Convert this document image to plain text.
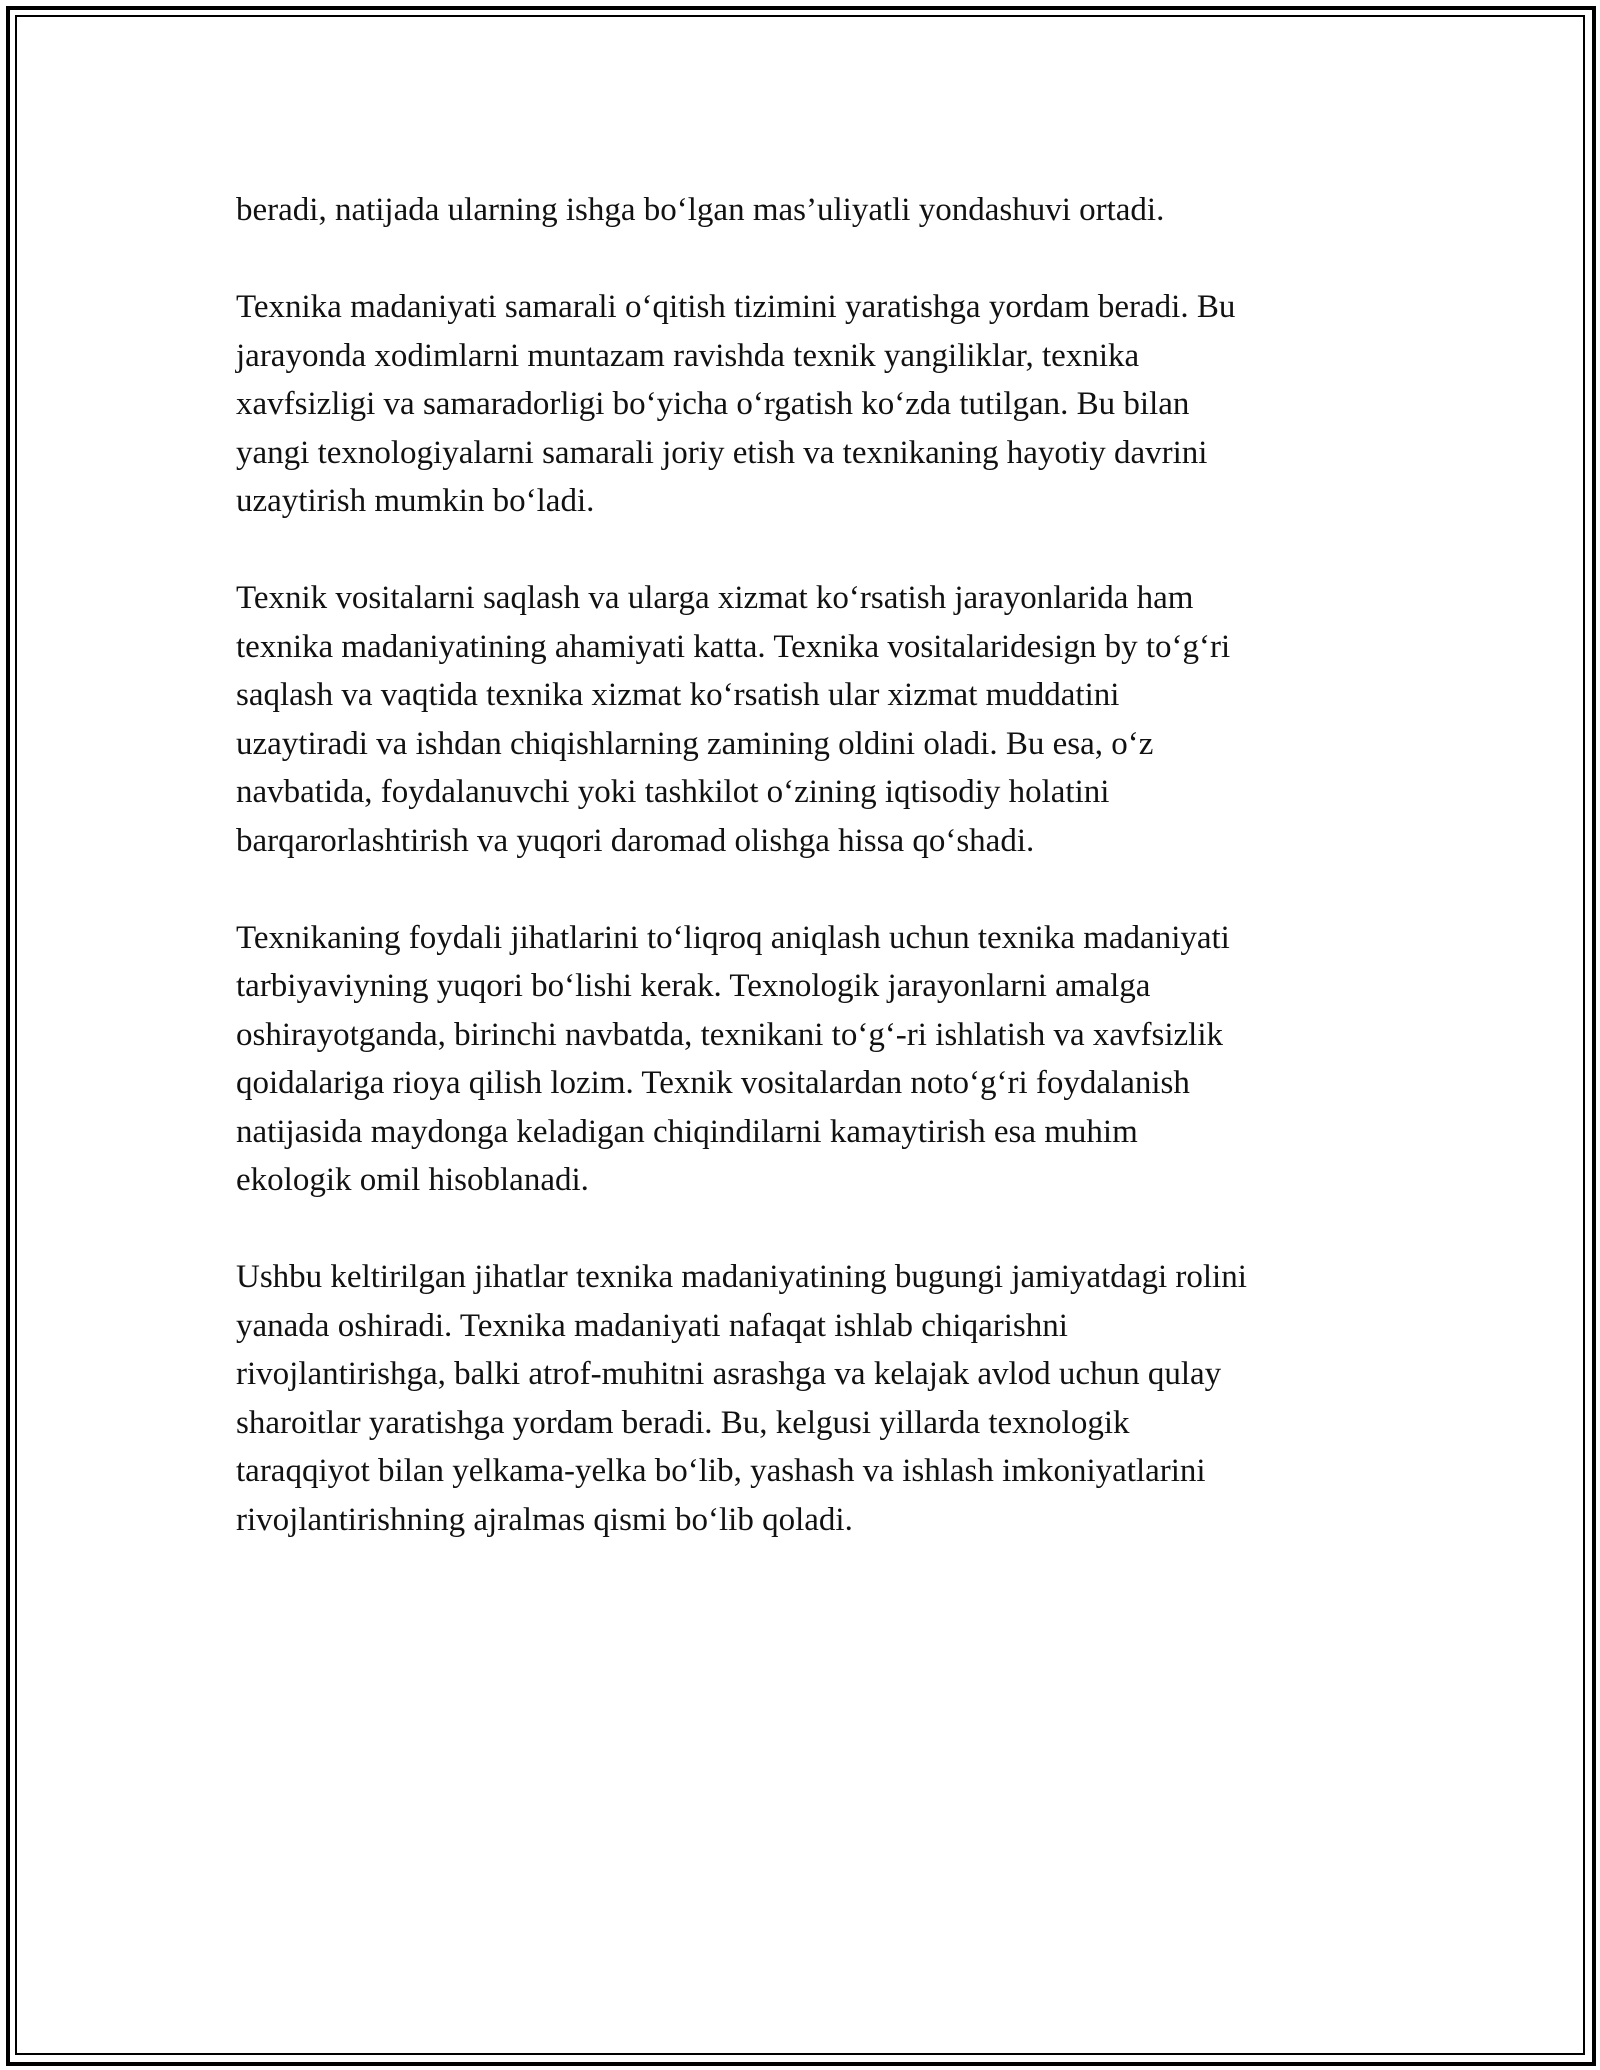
beradi, natijada ularning ishga bo‘lgan mas’uliyatli yondashuvi ortadi.

Texnika madaniyati samarali o‘qitish tizimini yaratishga yordam beradi. Bu
jarayonda xodimlarni muntazam ravishda texnik yangiliklar, texnika
xavfsizligi va samaradorligi bo‘yicha o‘rgatish ko‘zda tutilgan. Bu bilan
yangi texnologiyalarni samarali joriy etish va texnikaning hayotiy davrini
uzaytirish mumkin bo‘ladi.

Texnik vositalarni saqlash va ularga xizmat ko‘rsatish jarayonlarida ham
texnika madaniyatining ahamiyati katta. Texnika vositalaridesign by to‘g‘ri
saqlash va vaqtida texnika xizmat ko‘rsatish ular xizmat muddatini
uzaytiradi va ishdan chiqishlarning zamining oldini oladi. Bu esa, o‘z
navbatida, foydalanuvchi yoki tashkilot o‘zining iqtisodiy holatini
barqarorlashtirish va yuqori daromad olishga hissa qo‘shadi.

Texnikaning foydali jihatlarini to‘liqroq aniqlash uchun texnika madaniyati
tarbiyaviyning yuqori bo‘lishi kerak. Texnologik jarayonlarni amalga
oshirayotganda, birinchi navbatda, texnikani to‘g‘-ri ishlatish va xavfsizlik
qoidalariga rioya qilish lozim. Texnik vositalardan noto‘g‘ri foydalanish
natijasida maydonga keladigan chiqindilarni kamaytirish esa muhim
ekologik omil hisoblanadi.

Ushbu keltirilgan jihatlar texnika madaniyatining bugungi jamiyatdagi rolini
yanada oshiradi. Texnika madaniyati nafaqat ishlab chiqarishni
rivojlantirishga, balki atrof-muhitni asrashga va kelajak avlod uchun qulay
sharoitlar yaratishga yordam beradi. Bu, kelgusi yillarda texnologik
taraqqiyot bilan yelkama-yelka bo‘lib, yashash va ishlash imkoniyatlarini
rivojlantirishning ajralmas qismi bo‘lib qoladi.
